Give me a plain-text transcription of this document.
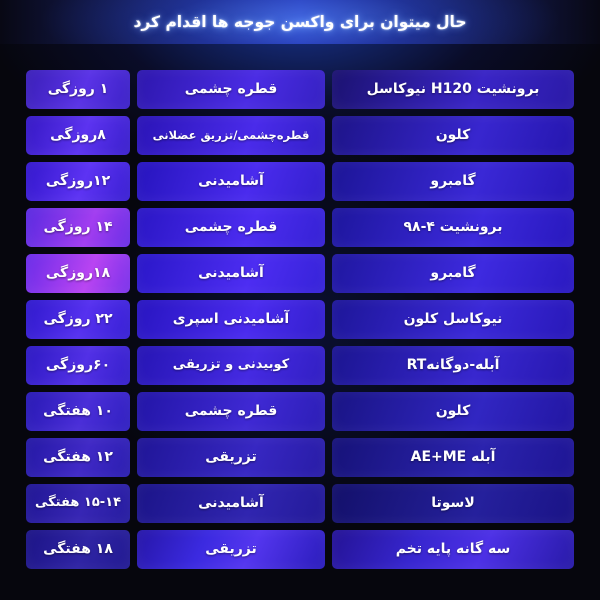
حال میتوان برای واکسن جوجه ها اقدام کرد
برونشیت H120 نیوکاسل
قطره چشمی
۱ روزگی
کلون
قطره‌چشمی/تزریق عضلانی
۸روزگی
گامبرو
آشامیدنی
۱۲روزگی
برونشیت ۴-۹۸
قطره چشمی
۱۴ روزگی
گامبرو
آشامیدنی
۱۸روزگی
نیوکاسل کلون
آشامیدنی اسپری
۲۲ روزگی
آبله-دوگانهRT
کوبیدنی و تزریقی
۶۰روزگی
کلون
قطره چشمی
۱۰ هفتگی
آبله AE+ME
تزریقی
۱۲ هفتگی
لاسوتا
آشامیدنی
۱۵-۱۴ هفتگی
سه گانه پایه تخم
تزریقی
۱۸ هفتگی
